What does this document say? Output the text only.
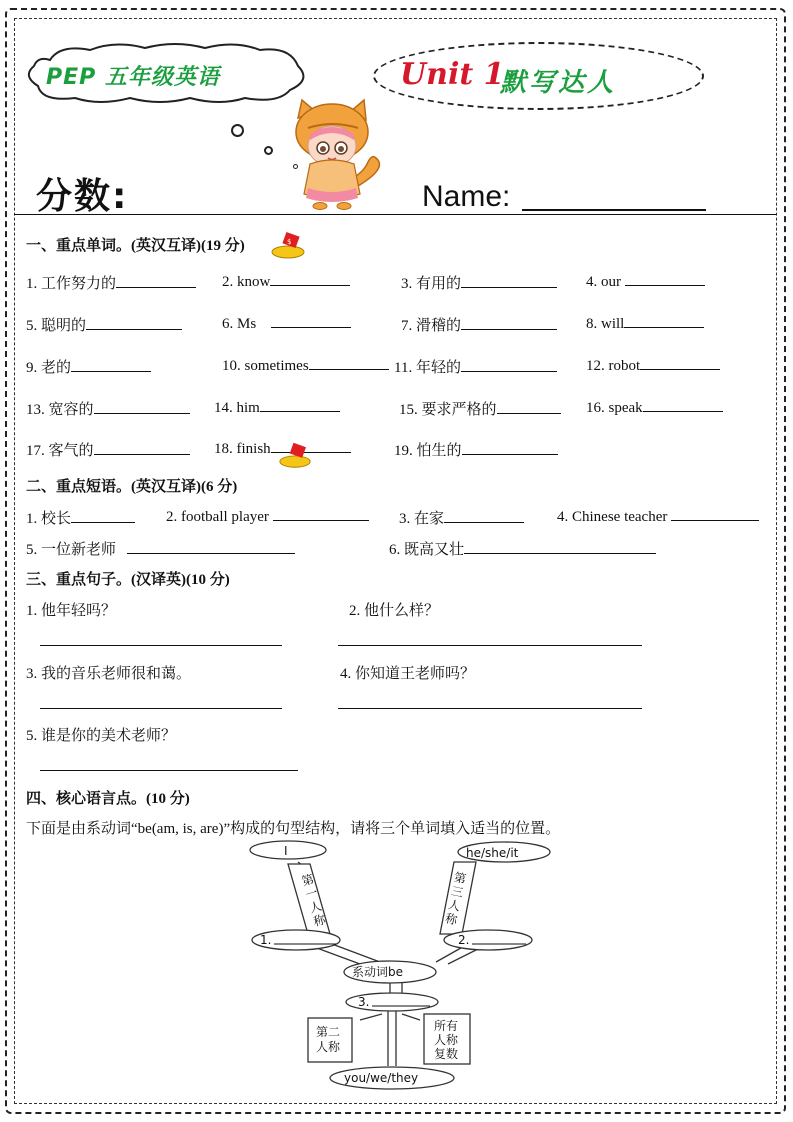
PEP 五年级英语	Unit 1
默写达人
分数:	Name:
一、重点单词。(英汉互译)(19 分)	$
1. 工作努力的	2. know	3. 有用的	4. our
5. 聪明的	6. Ms	7. 滑稽的	8. will
9. 老的	10. sometimes	11. 年轻的	12. robot
13. 宽容的	14. him	15. 要求严格的	16. speak
17. 客气的	18. finish	19. 怕生的
二、重点短语。(英汉互译)(6 分)
1. 校长	2. football player	3. 在家	4. Chinese teacher
5. 一位新老师	6. 既高又壮
三、重点句子。(汉译英)(10 分)
1. 他年轻吗？	2. 他什么样？
3. 我的音乐老师很和蔼。	4. 你知道王老师吗？
5. 谁是你的美术老师？
四、核心语言点。(10 分)
下面是由系动词“be(am, is, are)”构成的句型结构，请将三个单词填入适当的位置。
I	he/she/it
1.	2.
系动词be
3.
you/we/they
第 一 人 称
第 三 人 称
第二 人称
所有 人称 复数
